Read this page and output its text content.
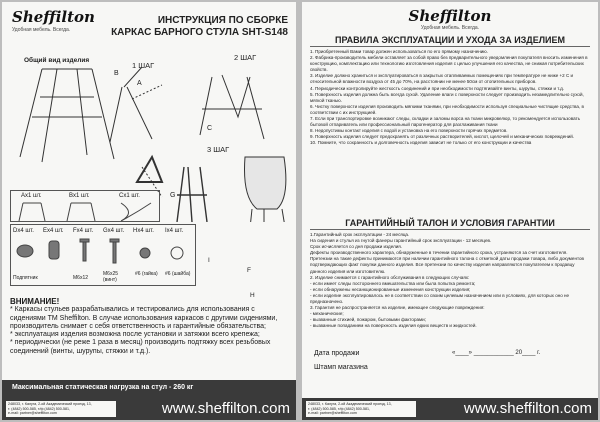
Sheffilton
Удобная мебель. Всегда.
ИНСТРУКЦИЯ ПО СБОРКЕ
КАРКАС БАРНОГО СТУЛА SHT-S148
Общий вид изделия
1 ШАГ
2 ШАГ
3 ШАГ
A
B
C
G
Ax1 шт.	Bx1 шт.	Cx1 шт.
Dx4 шт. Ex4 шт. Fx4 шт. Gx4 шт. Hx4 шт. Ix4 шт.
Подпятник	M6x12
M6x25 (винт)
#6 (гайка)	#6 (шайба)	F
H
I
ВНИМАНИЕ!
* Каркасы стульев разрабатывались и тестировались для использования с сидениями ТМ Sheffilton. В случае использования каркасов с другими сидениями, производитель снимает с себя ответственность и гарантийные обязательства;
* эксплуатация изделия возможна после установки и затяжки всего крепежа;
* периодически (не реже 1 раза в месяц) производить подтяжку всех резьбовых соединений (винты, шурупы, стяжки и т.д.).
Максимальная статическая нагрузка на стул - 260 кг
248033, г. Калуга, 2-ой Академический проезд, 13,
т. (4842) 500-585, т/ф (4842) 500-581,
e-mail: partner@sheffilton.com	www.sheffilton.com
Sheffilton
Удобная мебель. Всегда.
ПРАВИЛА ЭКСПЛУАТАЦИИ И УХОДА ЗА ИЗДЕЛИЕМ
1. Приобретенный Вами товар должен использоваться по его прямому назначению.
2. Фабрика-производитель мебели оставляет за собой право без предварительного уведомления покупателя вносить изменения в конструкцию, комплектацию или технологию изготовления изделия с целью улучшения его качества, не снижая потребительских свойств.
3. Изделие должно храниться и эксплуатироваться в закрытых отапливаемых помещениях при температуре не ниже +2 С и относительной влажности воздуха от 45 до 70%, на расстоянии не менее 50см от отопительных приборов.
4. Периодически контролируйте жесткость соединений и при необходимости подтягивайте винты, шурупы, стяжки и т.д.
5. Поверхность изделия должна быть всегда сухой. Удаление влаги с поверхности следует производить незамедлительно сухой, мягкой тканью.
6. Чистку поверхности изделия производить мягкими тканями, при необходимости используя специальные чистящие средства, в соответствии с их инструкцией.
7. Если при транспортировке возникают следы, складки и заломы ворса на ткани микровелюр, то рекомендуется использовать бытовой отпариватель или профессиональный парогенератор для разглаживания ткани
8. Недопустимы контакт изделия с водой и установка на его поверхности горячих предметов.
9. Поверхность изделия следует предохранять от различных растворителей, кислот, щелочей и механических повреждений.
10. Помните, что сохранность и долговечность изделия зависит не только от его конструкции и качества
ГАРАНТИЙНЫЙ ТАЛОН И УСЛОВИЯ ГАРАНТИИ
1.Гарантийный срок эксплуатации - 24 месяца.
На сидения и стулья из гнутой фанеры гарантийный срок эксплуатации - 12 месяцев.
Срок исчисляется со дня продажи изделия.
Дефекты производственного характера, обнаруженные в течении гарантийного срока, устраняются за счет изготовителя. Претензии на такие дефекты принимаются при наличии гарантийного талона с отметкой даты продажи товара, либо документов подтверждающих факт покупки данного изделия. Все претензии по качеству изделия направляются покупателем к продавцу данного изделия или изготовителю.
2. Изделие снимается с гарантийного обслуживания в следующих случаях:
- если имеет следы постороннего вмешательства или была попытка ремонта;
- если обнаружены несанкционированные изменения конструкции изделия;
- если изделие эксплуатировалось не в соответствии со своим целевым назначением или в условиях, для которых оно не предназначено.
3. Гарантия не распространяется на изделие, имеющее следующие повреждения:
- механические;
- вызванные стихией, пожаром, бытовыми факторами;
- вызванные попаданием на поверхность изделия едких веществ и жидкостей.
Дата продажи	«____» ____________ 20____ г.
Штамп магазина
248033, г. Калуга, 2-ой Академический проезд, 13,
т. (4842) 500-585, т/ф (4842) 500-581,
e-mail: partner@sheffilton.com	www.sheffilton.com
